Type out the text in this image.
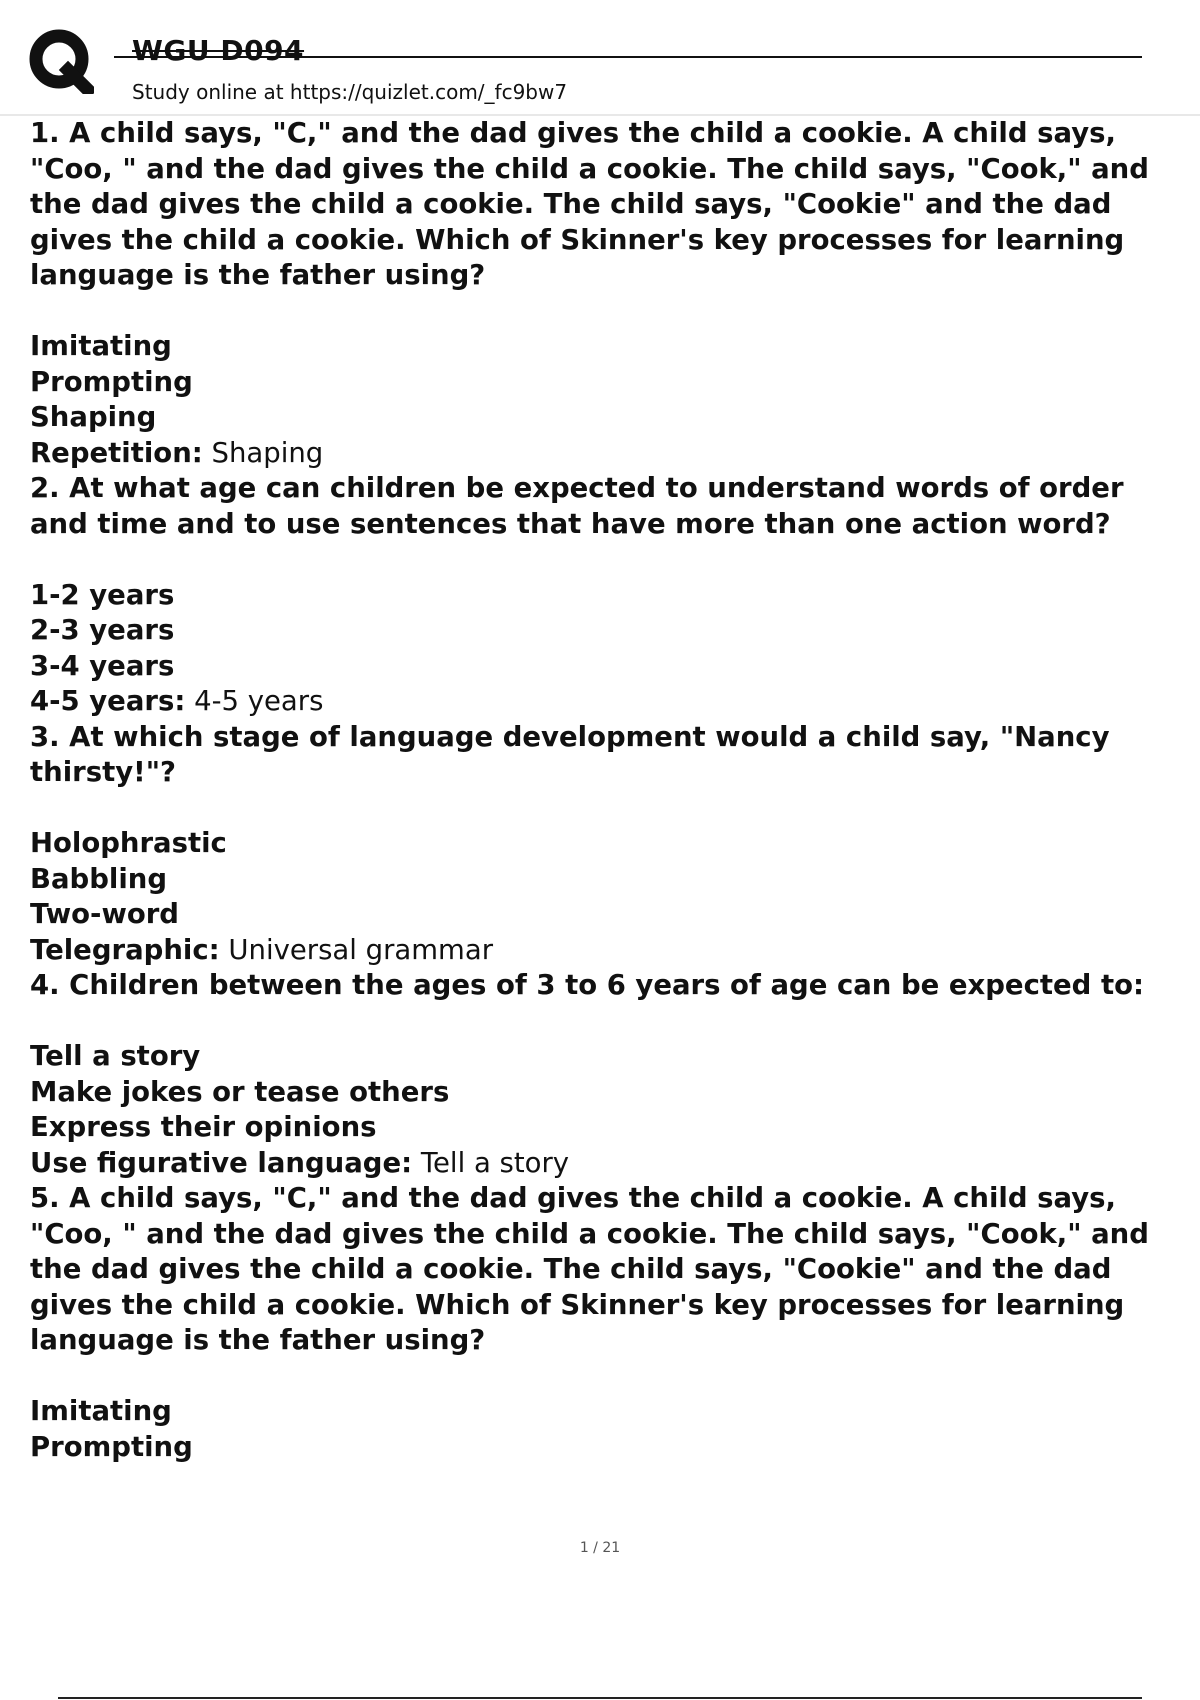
WGU D094
Study online at https://quizlet.com/_fc9bw7
1. A child says, "C," and the dad gives the child a cookie. A child says, "Coo, " and the dad gives the child a cookie. The child says, "Cook," and the dad gives the child a cookie. The child says, "Cookie" and the dad gives the child a cookie. Which of Skinner's key processes for learning language is the father using?
Imitating
Prompting
Shaping
Repetition: Shaping
2. At what age can children be expected to understand words of order and time and to use sentences that have more than one action word?
1-2 years
2-3 years
3-4 years
4-5 years: 4-5 years
3. At which stage of language development would a child say, "Nancy thirsty!"?
Holophrastic
Babbling
Two-word
Telegraphic: Universal grammar
4. Children between the ages of 3 to 6 years of age can be expected to:
Tell a story
Make jokes or tease others
Express their opinions
Use figurative language: Tell a story
5. A child says, "C," and the dad gives the child a cookie. A child says, "Coo, " and the dad gives the child a cookie. The child says, "Cook," and the dad gives the child a cookie. The child says, "Cookie" and the dad gives the child a cookie. Which of Skinner's key processes for learning language is the father using?
Imitating
Prompting
1 / 21
